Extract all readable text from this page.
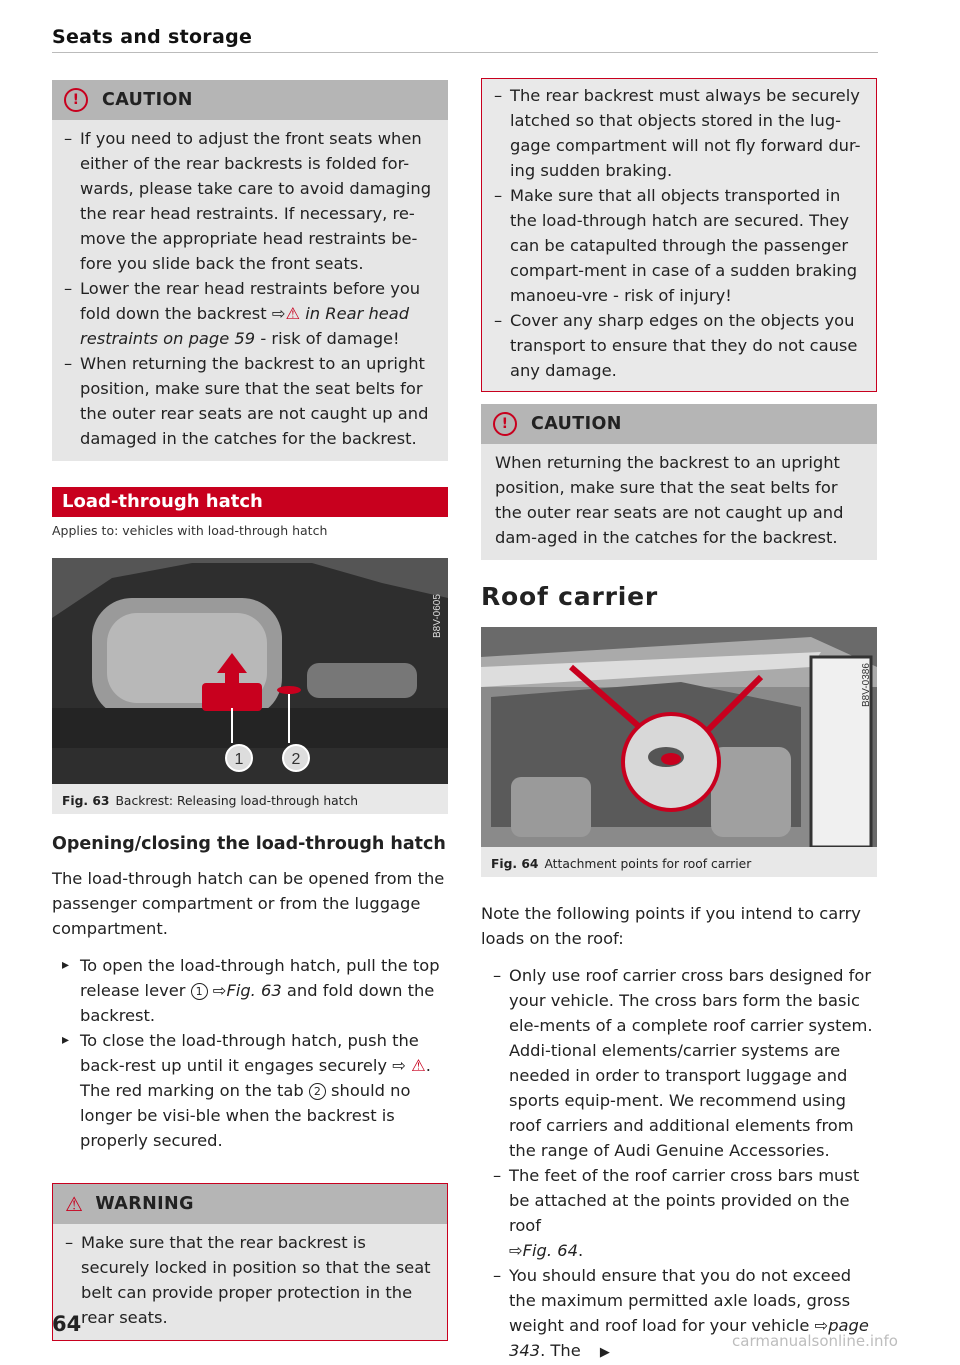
Seats and storage
!	CAUTION
– If you need to adjust the front seats when either of the rear backrests is folded for-wards, please take care to avoid damaging the rear head restraints. If necessary, re-move the appropriate head restraints be-fore you slide back the front seats.
– Lower the rear head restraints before you fold down the backrest ⇨⚠ in Rear head restraints on page 59 - risk of damage!
– When returning the backrest to an upright position, make sure that the seat belts for the outer rear seats are not caught up and damaged in the catches for the backrest.
Load-through hatch
Applies to: vehicles with load-through hatch
1	2
B8V-0605
Fig. 63 Backrest: Releasing load-through hatch
Opening/closing the load-through hatch

The load-through hatch can be opened from the passenger compartment or from the luggage compartment.

▸ To open the load-through hatch, pull the top release lever 1 ⇨Fig. 63 and fold down the backrest.
▸ To close the load-through hatch, push the back-rest up until it engages securely ⇨ ⚠. The red marking on the tab 2 should no longer be visi-ble when the backrest is properly secured.
⚠ WARNING
– Make sure that the rear backrest is securely locked in position so that the seat belt can provide proper protection in the rear seats.
– The rear backrest must always be securely latched so that objects stored in the lug-gage compartment will not fly forward dur-ing sudden braking.
– Make sure that all objects transported in the load-through hatch are secured. They can be catapulted through the passenger compart-ment in case of a sudden braking manoeu-vre - risk of injury!
– Cover any sharp edges on the objects you transport to ensure that they do not cause any damage.
!	CAUTION

When returning the backrest to an upright position, make sure that the seat belts for the outer rear seats are not caught up and dam-aged in the catches for the backrest.

Roof carrier
B8V-0386
Fig. 64 Attachment points for roof carrier

Note the following points if you intend to carry loads on the roof:

– Only use roof carrier cross bars designed for your vehicle. The cross bars form the basic ele-ments of a complete roof carrier system. Addi-tional elements/carrier systems are needed in order to transport luggage and sports equip-ment. We recommend using roof carriers and additional elements from the range of Audi Genuine Accessories.
– The feet of the roof carrier cross bars must be attached at the points provided on the roof
⇨Fig. 64.
– You should ensure that you do not exceed the maximum permitted axle loads, gross weight and roof load for your vehicle ⇨page 343. The ▶
64
carmanualsonline.info
